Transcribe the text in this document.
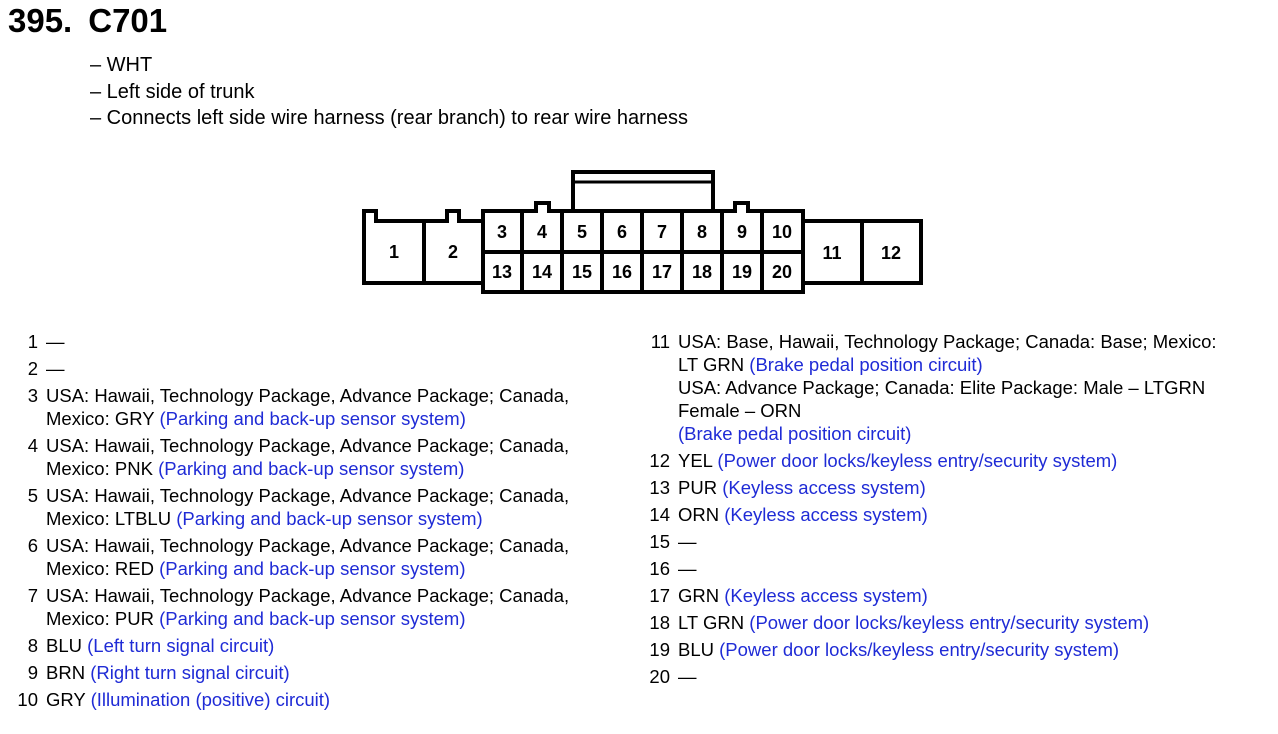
395. C701
– WHT
– Left side of trunk
– Connects left side wire harness (rear branch) to rear wire harness
1	2
3 4 5 6 7 8 9 10
11 12
13 14 15 16 17 18 19 20
1 —
2 —
3 USA: Hawaii, Technology Package, Advance Package; Canada,
Mexico: GRY (Parking and back-up sensor system)
4 USA: Hawaii, Technology Package, Advance Package; Canada,
Mexico: PNK (Parking and back-up sensor system)
5 USA: Hawaii, Technology Package, Advance Package; Canada,
Mexico: LTBLU (Parking and back-up sensor system)
6 USA: Hawaii, Technology Package, Advance Package; Canada,
Mexico: RED (Parking and back-up sensor system)
7 USA: Hawaii, Technology Package, Advance Package; Canada,
Mexico: PUR (Parking and back-up sensor system)
8 BLU (Left turn signal circuit)
9 BRN (Right turn signal circuit)
10 GRY (Illumination (positive) circuit)
11 USA: Base, Hawaii, Technology Package; Canada: Base; Mexico:
LT GRN (Brake pedal position circuit)
USA: Advance Package; Canada: Elite Package: Male – LTGRN
Female – ORN
(Brake pedal position circuit)
12 YEL (Power door locks/keyless entry/security system)
13 PUR (Keyless access system)
14 ORN (Keyless access system)
15 —
16 —
17 GRN (Keyless access system)
18 LT GRN (Power door locks/keyless entry/security system)
19 BLU (Power door locks/keyless entry/security system)
20 —
